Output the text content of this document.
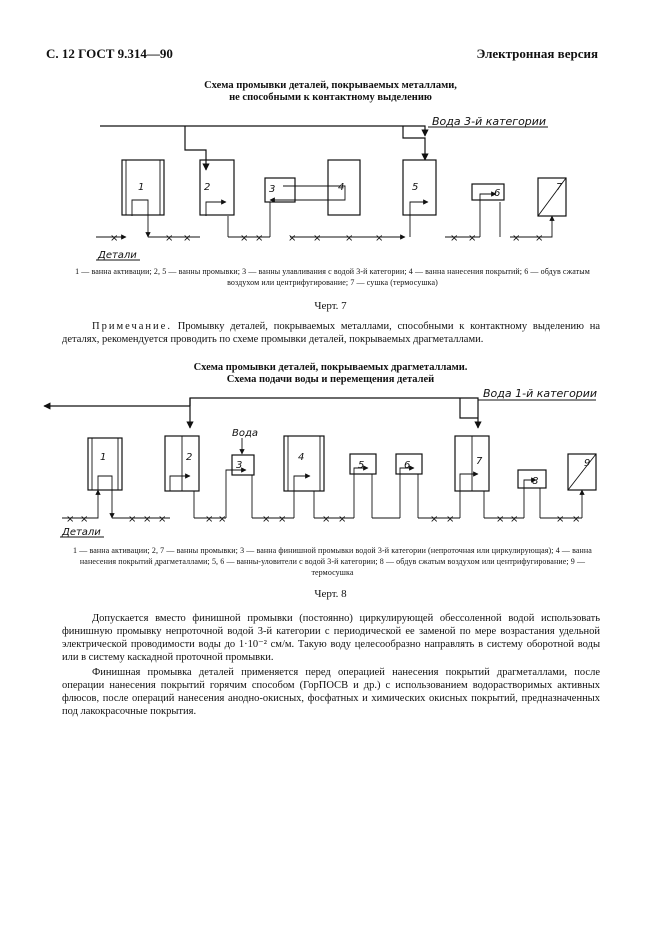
С. 12 ГОСТ 9.314—90	Электронная версия
Схема промывки деталей, покрываемых металлами,
не способными к контактному выделению
Вода 3-й категории
1	2	3	4	5
6
7
×	× ×	× × × × × ×	× ×	× ×
Детали
1 — ванна активации; 2, 5 — ванны промывки; 3 — ванны улавливания с водой 3-й категории; 4 — ванна нанесения покрытий; 6 — обдув сжатым воздухом или центрифугирование; 7 — сушка (термосушка)
Черт. 7

Примечание. Промывку деталей, покрываемых металлами, способными к контактному выделению на деталях, рекомендуется проводить по схеме промывки деталей, покрываемых драгметаллами.

Схема промывки деталей, покрываемых драгметаллами.
Схема подачи воды и перемещения деталей
Вода 1-й категории
1	2
Вода
3
4
5	6	7
8
9
× ×	× × ×	× ×	× ×	× ×	× ×	× ×	× ×
Детали
1 — ванна активации; 2, 7 — ванны промывки; 3 — ванна финишной промывки водой 3-й категории (непроточная или циркулирующая); 4 — ванна нанесения покрытий драгметаллами; 5, 6 — ванны-уловители с водой 3-й категории; 8 — обдув сжатым воздухом или центрифугирование; 9 — термосушка
Черт. 8

Допускается вместо финишной промывки (постоянно) циркулирующей обессоленной водой использовать финишную промывку непроточной водой 3-й категории с периодической ее заменой по мере возрастания удельной электрической проводимости воды до 1·10⁻² см/м. Такую воду целесообразно направлять в систему оборотной воды или в систему каскадной проточной промывки.

Финишная промывка деталей применяется перед операцией нанесения покрытий драгметаллами, после операции нанесения покрытий горячим способом (ГорПОСВ и др.) с использованием водорастворимых активных флюсов, после операций нанесения анодно-окисных, фосфатных и химических окисных покрытий, предназначенных под лакокрасочные покрытия.
